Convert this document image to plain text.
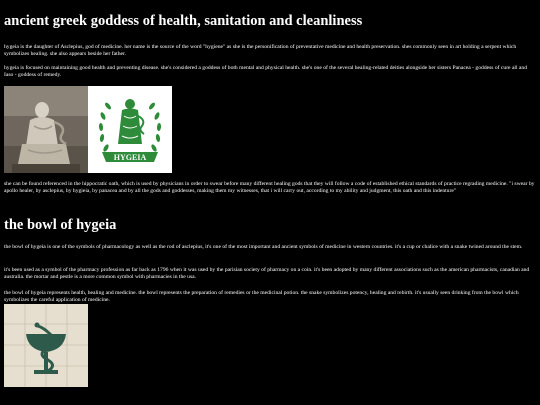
ancient greek goddess of health, sanitation and cleanliness

hygeia is the daughter of Asclepius, god of medicine. her name is the source of the word "hygiene" as she is the personification of preventative medicine and health preservation. shes commonly seen in art holding a serpent which symbolizes healing. she also appears beside her father.

hygeia is focused on maintaining good health and preventing disease. she's considered a goddess of both mental and physical health. she's one of the several healing-related deities alongside her sisters Panacea - goddess of cure all and Iaso - goddess of remedy.

HYGEIA

she can be found referenced in the hippocratic oath, which is used by physicians in order to swear before many different healing gods that they will follow a code of established ethical standards of practice regrading medicine. "i swear by apollo healer, by asclepius, by hygieia, by panacea and by all the gods and goddesses, making them my witnesses, that i will carry out, according to my ability and judgment, this oath and this indenture"

the bowl of hygeia

the bowl of hygeia is one of the symbols of pharmacology as well as the rod of asclepius, it's one of the most important and ancient symbols of medicine in western countries. it's a cup or chalice with a snake twined around the stem.

it's been used as a symbol of the pharmacy profession as far back as 1796 when it was used by the parisian society of pharmacy on a coin. it's been adopted by many different associations such as the american pharmacists, canadian and australia. the mortar and pestle is a more common symbol with pharmacies in the usa.

the bowl of hygeia represents health, healing and medicine. the bowl represents the preparation of remedies or the medicinal potion. the snake symbolizes potency, healing and rebirth. it's usually seen drinking from the bowl which symbolizes the careful application of medicine.
